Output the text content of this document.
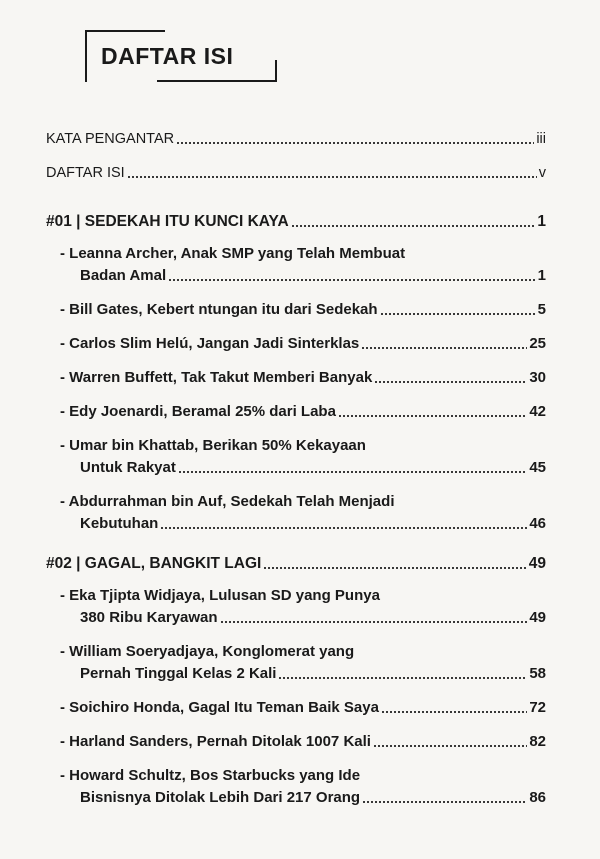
DAFTAR ISI
KATA PENGANTAR	iii
DAFTAR ISI	v
#01 | SEDEKAH ITU KUNCI KAYA	1
- Leanna Archer, Anak SMP yang Telah Membuat
Badan Amal	1
- Bill Gates, Kebert ntungan itu dari Sedekah	5
- Carlos Slim Helú, Jangan Jadi Sinterklas	25
- Warren Buffett, Tak Takut Memberi Banyak	30
- Edy Joenardi, Beramal 25% dari Laba	42
- Umar bin Khattab, Berikan 50% Kekayaan
Untuk Rakyat	45
- Abdurrahman bin Auf, Sedekah Telah Menjadi
Kebutuhan	46
#02 | GAGAL, BANGKIT LAGI	49
- Eka Tjipta Widjaya, Lulusan SD yang Punya
380 Ribu Karyawan	49
- William Soeryadjaya, Konglomerat yang
Pernah Tinggal Kelas 2 Kali	58
- Soichiro Honda, Gagal Itu Teman Baik Saya	72
- Harland Sanders, Pernah Ditolak 1007 Kali	82
- Howard Schultz, Bos Starbucks yang Ide
Bisnisnya Ditolak Lebih Dari 217 Orang	86
